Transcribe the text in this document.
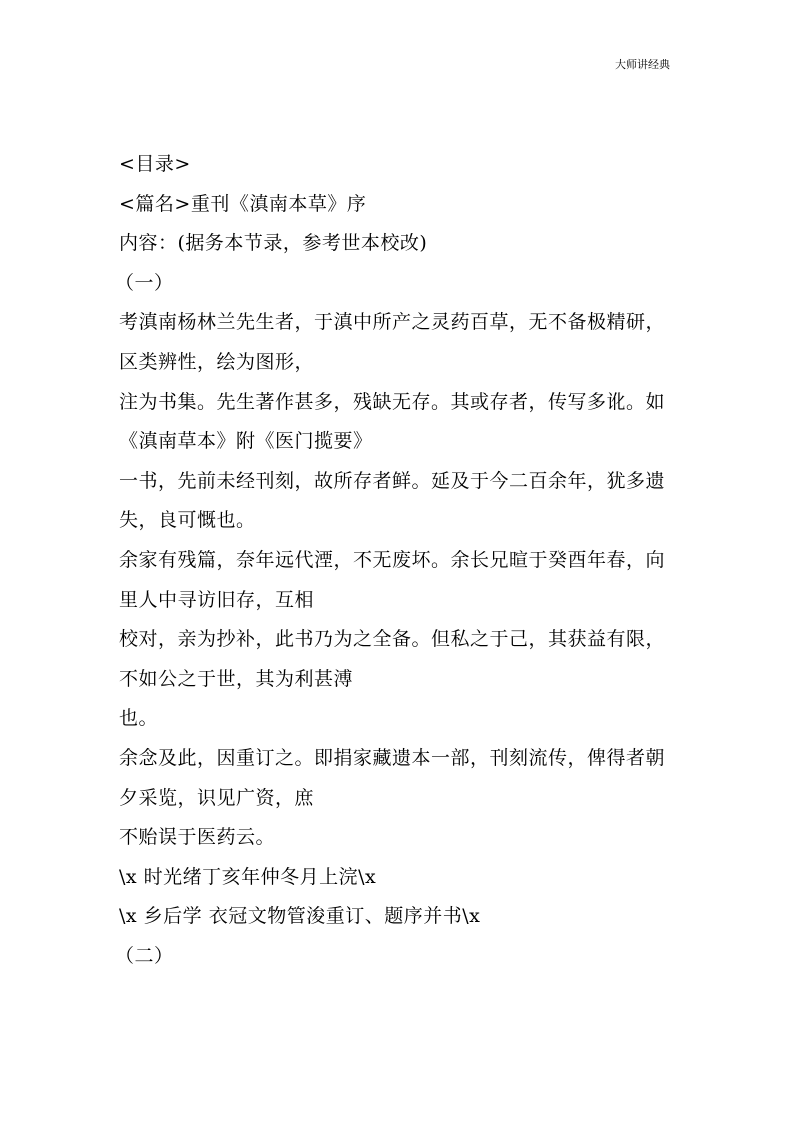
大师讲经典
<目录>
<篇名>重刊《滇南本草》序
内容：(据务本节录，参考世本校改)
（一）
考滇南杨林兰先生者，于滇中所产之灵药百草，无不备极精研，
区类辨性，绘为图形，
注为书集。先生著作甚多，残缺无存。其或存者，传写多讹。如
《滇南草本》附《医门揽要》
一书，先前未经刊刻，故所存者鲜。延及于今二百余年，犹多遗
失，良可慨也。
余家有残篇，奈年远代湮，不无废坏。余长兄暄于癸酉年春，向
里人中寻访旧存，互相
校对，亲为抄补，此书乃为之全备。但私之于己，其获益有限，
不如公之于世，其为利甚溥
也。
余念及此，因重订之。即捐家藏遗本一部，刊刻流传，俾得者朝
夕采览，识见广资，庶
不贻误于医药云。
\x 时光绪丁亥年仲冬月上浣\x
\x 乡后学 衣冠文物管浚重订、题序并书\x
（二）
